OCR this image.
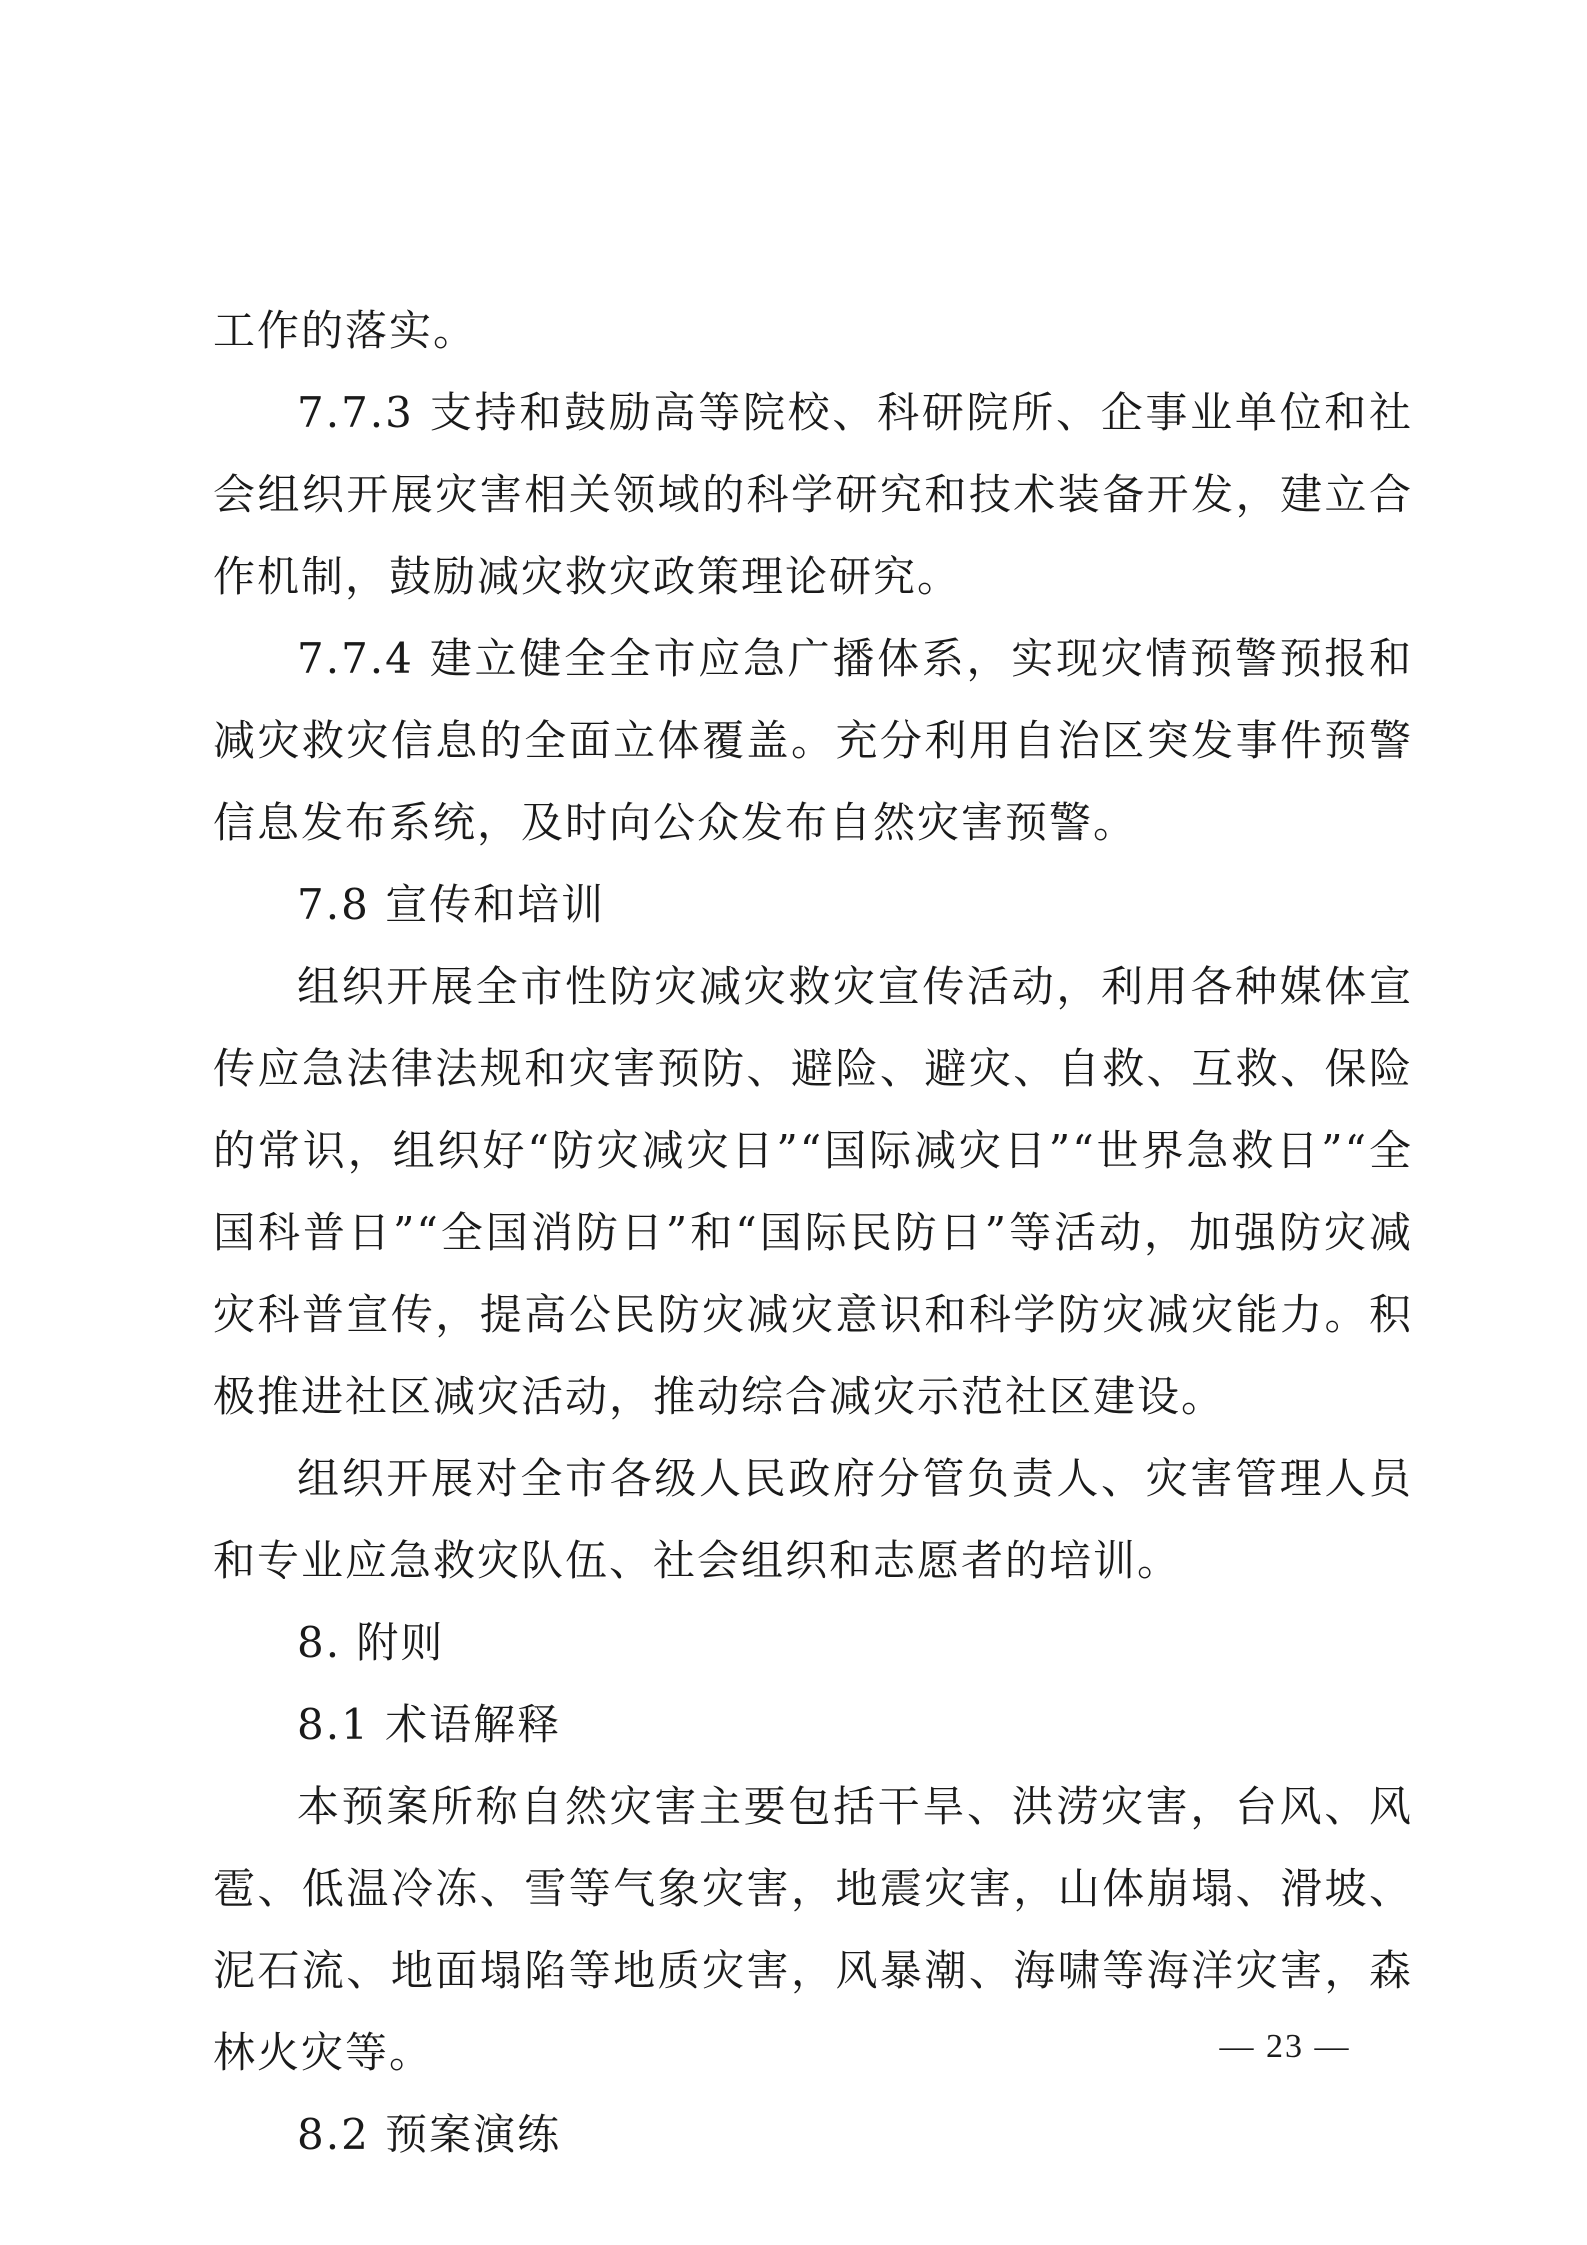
工作的落实。

7.7.3 支持和鼓励高等院校、科研院所、企事业单位和社会组织开展灾害相关领域的科学研究和技术装备开发，建立合作机制，鼓励减灾救灾政策理论研究。

7.7.4 建立健全全市应急广播体系，实现灾情预警预报和减灾救灾信息的全面立体覆盖。充分利用自治区突发事件预警信息发布系统，及时向公众发布自然灾害预警。

7.8 宣传和培训

组织开展全市性防灾减灾救灾宣传活动，利用各种媒体宣传应急法律法规和灾害预防、避险、避灾、自救、互救、保险的常识，组织好“防灾减灾日”“国际减灾日”“世界急救日”“全国科普日”“全国消防日”和“国际民防日”等活动，加强防灾减灾科普宣传，提高公民防灾减灾意识和科学防灾减灾能力。积极推进社区减灾活动，推动综合减灾示范社区建设。

组织开展对全市各级人民政府分管负责人、灾害管理人员和专业应急救灾队伍、社会组织和志愿者的培训。

8. 附则

8.1 术语解释

本预案所称自然灾害主要包括干旱、洪涝灾害，台风、风雹、低温冷冻、雪等气象灾害，地震灾害，山体崩塌、滑坡、泥石流、地面塌陷等地质灾害，风暴潮、海啸等海洋灾害，森林火灾等。

8.2 预案演练

— 23 —
